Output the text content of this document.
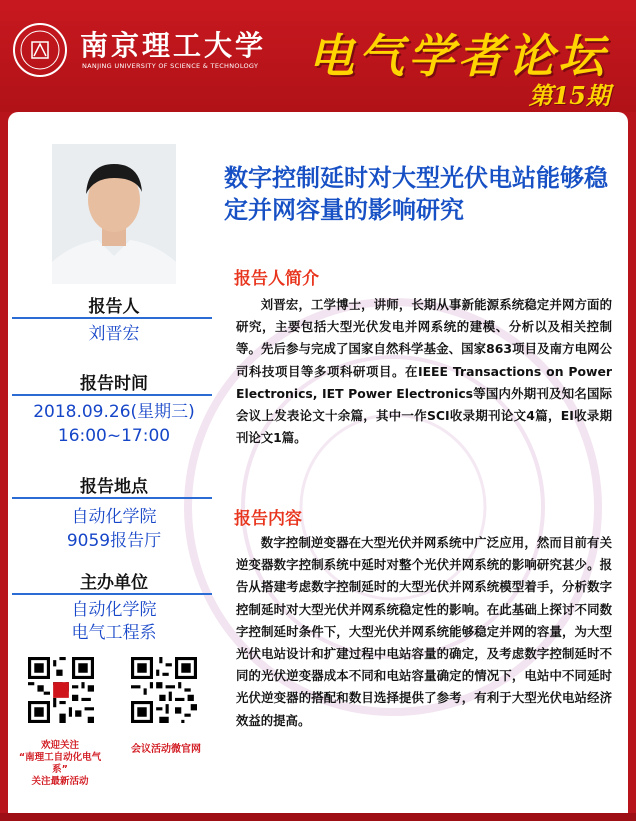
南京理工大学
NANJING UNIVERSITY OF SCIENCE & TECHNOLOGY 电气学者论坛
第15期
报告人
刘晋宏
报告时间
2018.09.26(星期三)
16:00~17:00
报告地点
自动化学院
9059报告厅
主办单位
自动化学院
电气工程系
欢迎关注
“南理工自动化电气系”
关注最新活动
会议活动微官网
数字控制延时对大型光伏电站能够稳定并网容量的影响研究
报告人简介
刘晋宏，工学博士，讲师，长期从事新能源系统稳定并网方面的研究，主要包括大型光伏发电并网系统的建模、分析以及相关控制等。先后参与完成了国家自然科学基金、国家863项目及南方电网公司科技项目等多项科研项目。在IEEE Transactions on Power Electronics, IET Power Electronics等国内外期刊及知名国际会议上发表论文十余篇，其中一作SCI收录期刊论文4篇，EI收录期刊论文1篇。
报告内容
数字控制逆变器在大型光伏并网系统中广泛应用，然而目前有关逆变器数字控制系统中延时对整个光伏并网系统的影响研究甚少。报告从搭建考虑数字控制延时的大型光伏并网系统模型着手，分析数字控制延时对大型光伏并网系统稳定性的影响。在此基础上探讨不同数字控制延时条件下，大型光伏并网系统能够稳定并网的容量，为大型光伏电站设计和扩建过程中电站容量的确定，及考虑数字控制延时不同的光伏逆变器成本不同和电站容量确定的情况下，电站中不同延时光伏逆变器的搭配和数目选择提供了参考，有利于大型光伏电站经济效益的提高。
